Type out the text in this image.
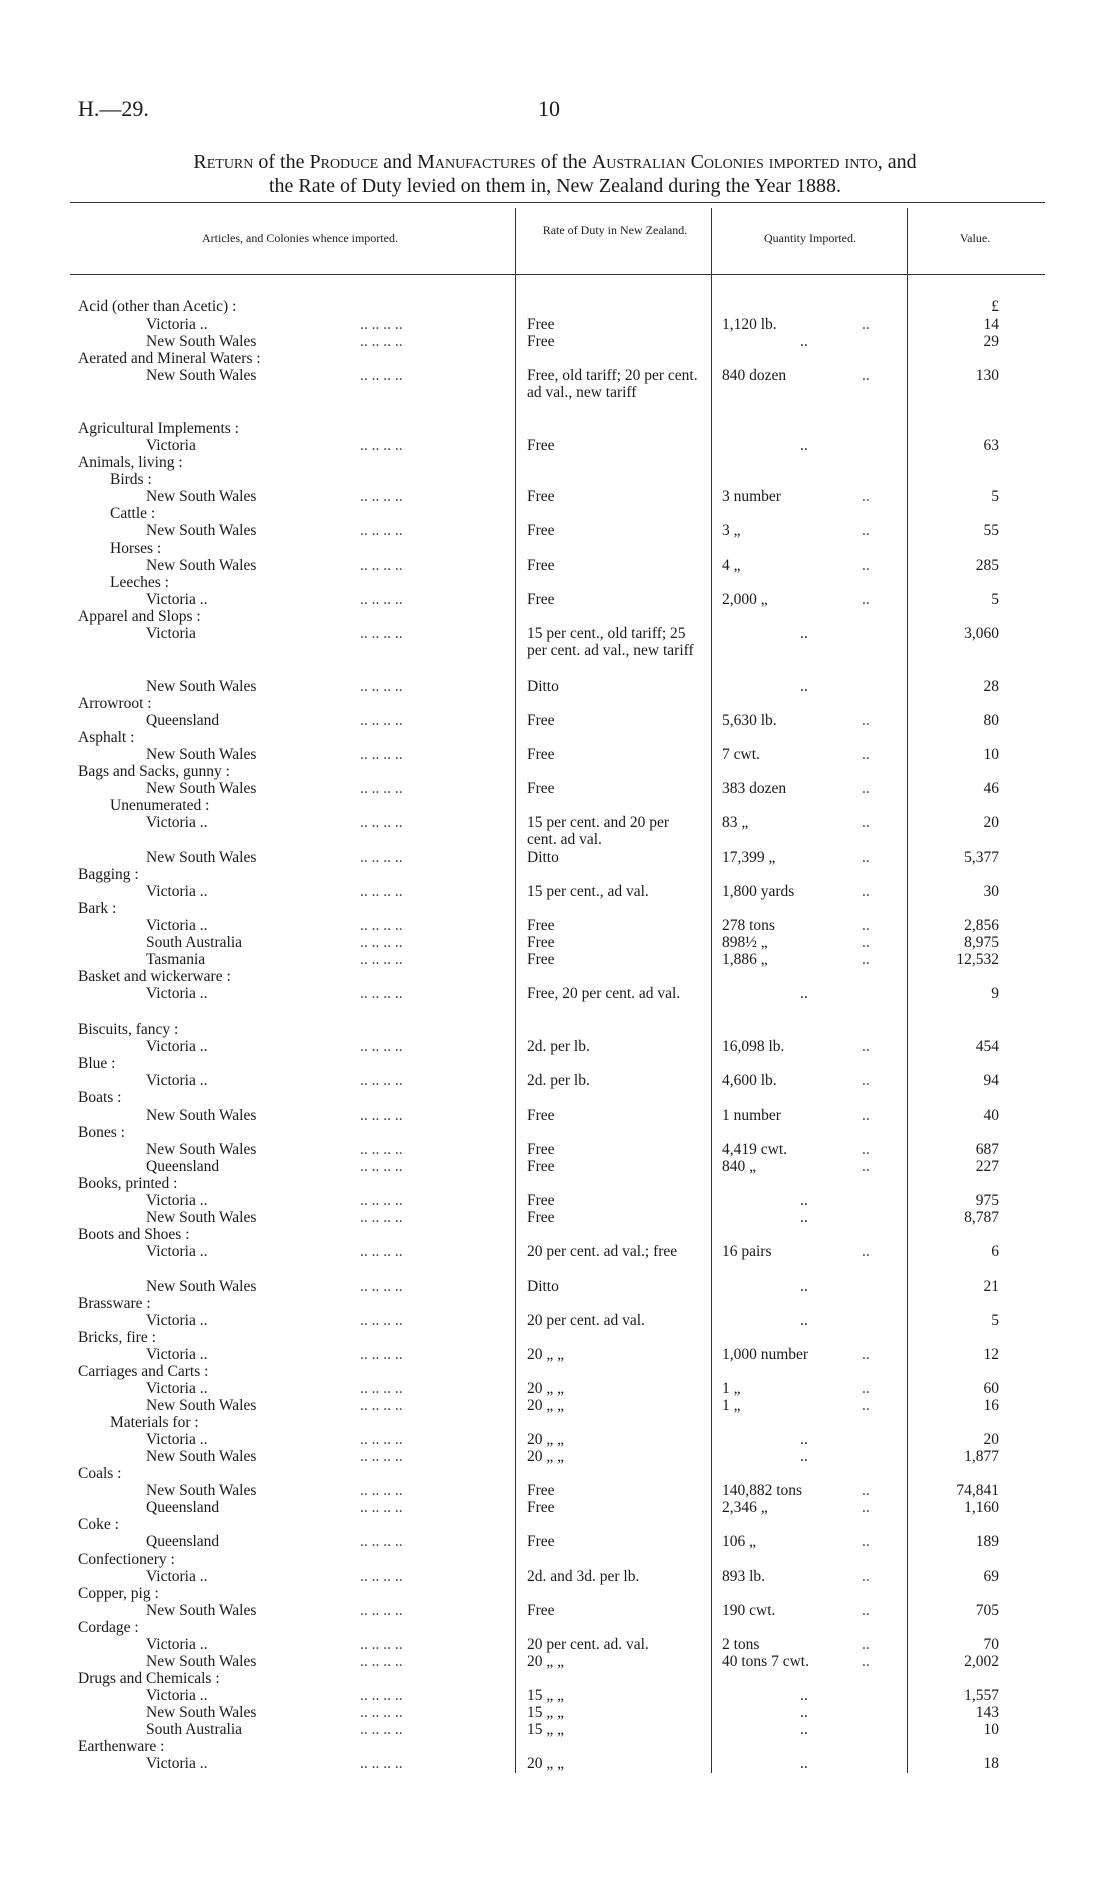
H.—29.	10
Return of the Produce and Manufactures of the Australian Colonies imported into, and
the Rate of Duty levied on them in, New Zealand during the Year 1888.
Articles, and Colonies whence imported.
Rate of Duty in New Zealand.
Quantity Imported.	Value.
£
Acid (other than Acetic) :
Victoria ..	.. .. .. ..	Free	1,120 lb.	..	14
New South Wales	.. .. .. ..	Free	..	29
Aerated and Mineral Waters :
New South Wales	.. .. .. ..	Free, old tariff; 20 per cent. ad val., new tariff
840 dozen	..	130
Agricultural Implements :
Victoria	.. .. .. ..	Free	..	63
Animals, living :
Birds :
New South Wales	.. .. .. ..	Free	3 number	..	5
Cattle :
New South Wales	.. .. .. ..	Free	3 „	..	55
Horses :
New South Wales	.. .. .. ..	Free	4 „	..	285
Leeches :
Victoria ..	.. .. .. ..	Free	2,000 „	..	5
Apparel and Slops :
Victoria	.. .. .. ..	15 per cent., old tariff; 25 per cent. ad val., new tariff
..	3,060
New South Wales	.. .. .. ..	Ditto	..	28
Arrowroot :
Queensland	.. .. .. ..	Free	5,630 lb.	..	80
Asphalt :
New South Wales	.. .. .. ..	Free	7 cwt.	..	10
Bags and Sacks, gunny :
New South Wales	.. .. .. ..	Free	383 dozen	..	46
Unenumerated :
Victoria ..	.. .. .. ..	15 per cent. and 20 per cent. ad val.
83 „	..	20
New South Wales	.. .. .. ..	Ditto	17,399 „	..	5,377
Bagging :
Victoria ..	.. .. .. ..	15 per cent., ad val.	1,800 yards	..	30
Bark :
Victoria ..	.. .. .. ..	Free	278 tons	..	2,856
South Australia	.. .. .. ..	Free	898½ „	..	8,975
Tasmania	.. .. .. ..	Free	1,886 „	..	12,532
Basket and wickerware :
Victoria ..	.. .. .. ..	Free, 20 per cent. ad val.	..	9
Biscuits, fancy :
Victoria ..	.. .. .. ..	2d. per lb.	16,098 lb.	..	454
Blue :
Victoria ..	.. .. .. ..	2d. per lb.	4,600 lb.	..	94
Boats :
New South Wales	.. .. .. ..	Free	1 number	..	40
Bones :
New South Wales	.. .. .. ..	Free	4,419 cwt.	..	687
Queensland	.. .. .. ..	Free	840 „	..	227
Books, printed :
Victoria ..	.. .. .. ..	Free	..	975
New South Wales	.. .. .. ..	Free	..	8,787
Boots and Shoes :
Victoria ..	.. .. .. ..	20 per cent. ad val.; free	16 pairs	..	6
New South Wales	.. .. .. ..	Ditto	..	21
Brassware :
Victoria ..	.. .. .. ..	20 per cent. ad val.	..	5
Bricks, fire :
Victoria ..	.. .. .. ..	20 „ „	1,000 number	..	12
Carriages and Carts :
Victoria ..	.. .. .. ..	20 „ „	1 „	..	60
New South Wales	.. .. .. ..	20 „ „	1 „	..	16
Materials for :
Victoria ..	.. .. .. ..	20 „ „	..	20
New South Wales	.. .. .. ..	20 „ „	..	1,877
Coals :
New South Wales	.. .. .. ..	Free	140,882 tons	..	74,841
Queensland	.. .. .. ..	Free	2,346 „	..	1,160
Coke :
Queensland	.. .. .. ..	Free	106 „	..	189
Confectionery :
Victoria ..	.. .. .. ..	2d. and 3d. per lb.	893 lb.	..	69
Copper, pig :
New South Wales	.. .. .. ..	Free	190 cwt.	..	705
Cordage :
Victoria ..	.. .. .. ..	20 per cent. ad. val.	2 tons	..	70
New South Wales	.. .. .. ..	20 „ „	40 tons 7 cwt.	..	2,002
Drugs and Chemicals :
Victoria ..	.. .. .. ..	15 „ „	..	1,557
New South Wales	.. .. .. ..	15 „ „	..	143
South Australia	.. .. .. ..	15 „ „	..	10
Earthenware :
Victoria ..	.. .. .. ..	20 „ „	..	18
